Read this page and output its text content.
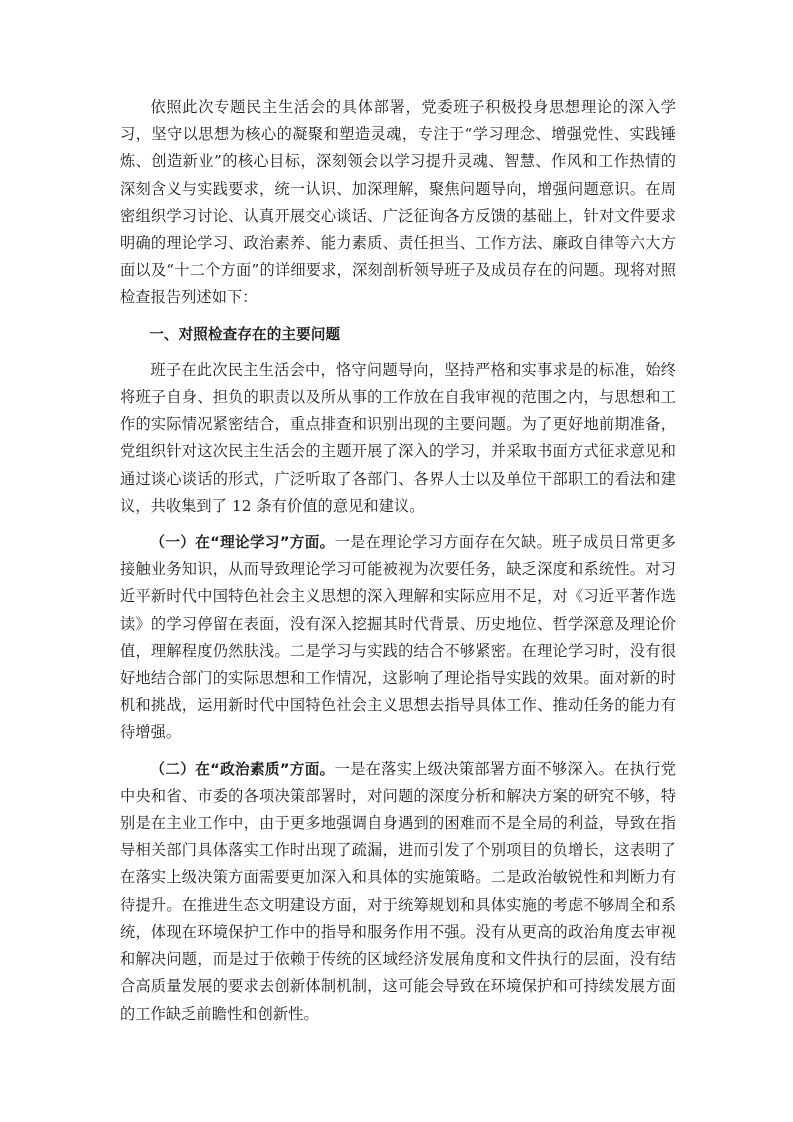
依照此次专题民主生活会的具体部署，党委班子积极投身思想理论的深入学习，坚守以思想为核心的凝聚和塑造灵魂，专注于“学习理念、增强党性、实践锤炼、创造新业”的核心目标，深刻领会以学习提升灵魂、智慧、作风和工作热情的深刻含义与实践要求，统一认识、加深理解，聚焦问题导向，增强问题意识。在周密组织学习讨论、认真开展交心谈话、广泛征询各方反馈的基础上，针对文件要求明确的理论学习、政治素养、能力素质、责任担当、工作方法、廉政自律等六大方面以及“十二个方面”的详细要求，深刻剖析领导班子及成员存在的问题。现将对照检查报告列述如下：

一、对照检查存在的主要问题

班子在此次民主生活会中，恪守问题导向，坚持严格和实事求是的标准，始终将班子自身、担负的职责以及所从事的工作放在自我审视的范围之内，与思想和工作的实际情况紧密结合，重点排查和识别出现的主要问题。为了更好地前期准备，党组织针对这次民主生活会的主题开展了深入的学习，并采取书面方式征求意见和通过谈心谈话的形式，广泛听取了各部门、各界人士以及单位干部职工的看法和建议，共收集到了 12 条有价值的意见和建议。

（一）在“理论学习”方面。一是在理论学习方面存在欠缺。班子成员日常更多接触业务知识，从而导致理论学习可能被视为次要任务，缺乏深度和系统性。对习近平新时代中国特色社会主义思想的深入理解和实际应用不足，对《习近平著作选读》的学习停留在表面，没有深入挖掘其时代背景、历史地位、哲学深意及理论价值，理解程度仍然肤浅。二是学习与实践的结合不够紧密。在理论学习时，没有很好地结合部门的实际思想和工作情况，这影响了理论指导实践的效果。面对新的时机和挑战，运用新时代中国特色社会主义思想去指导具体工作、推动任务的能力有待增强。

（二）在“政治素质”方面。一是在落实上级决策部署方面不够深入。在执行党中央和省、市委的各项决策部署时，对问题的深度分析和解决方案的研究不够，特别是在主业工作中，由于更多地强调自身遇到的困难而不是全局的利益，导致在指导相关部门具体落实工作时出现了疏漏，进而引发了个别项目的负增长，这表明了在落实上级决策方面需要更加深入和具体的实施策略。二是政治敏锐性和判断力有待提升。在推进生态文明建设方面，对于统筹规划和具体实施的考虑不够周全和系统，体现在环境保护工作中的指导和服务作用不强。没有从更高的政治角度去审视和解决问题，而是过于依赖于传统的区域经济发展角度和文件执行的层面，没有结合高质量发展的要求去创新体制机制，这可能会导致在环境保护和可持续发展方面的工作缺乏前瞻性和创新性。
